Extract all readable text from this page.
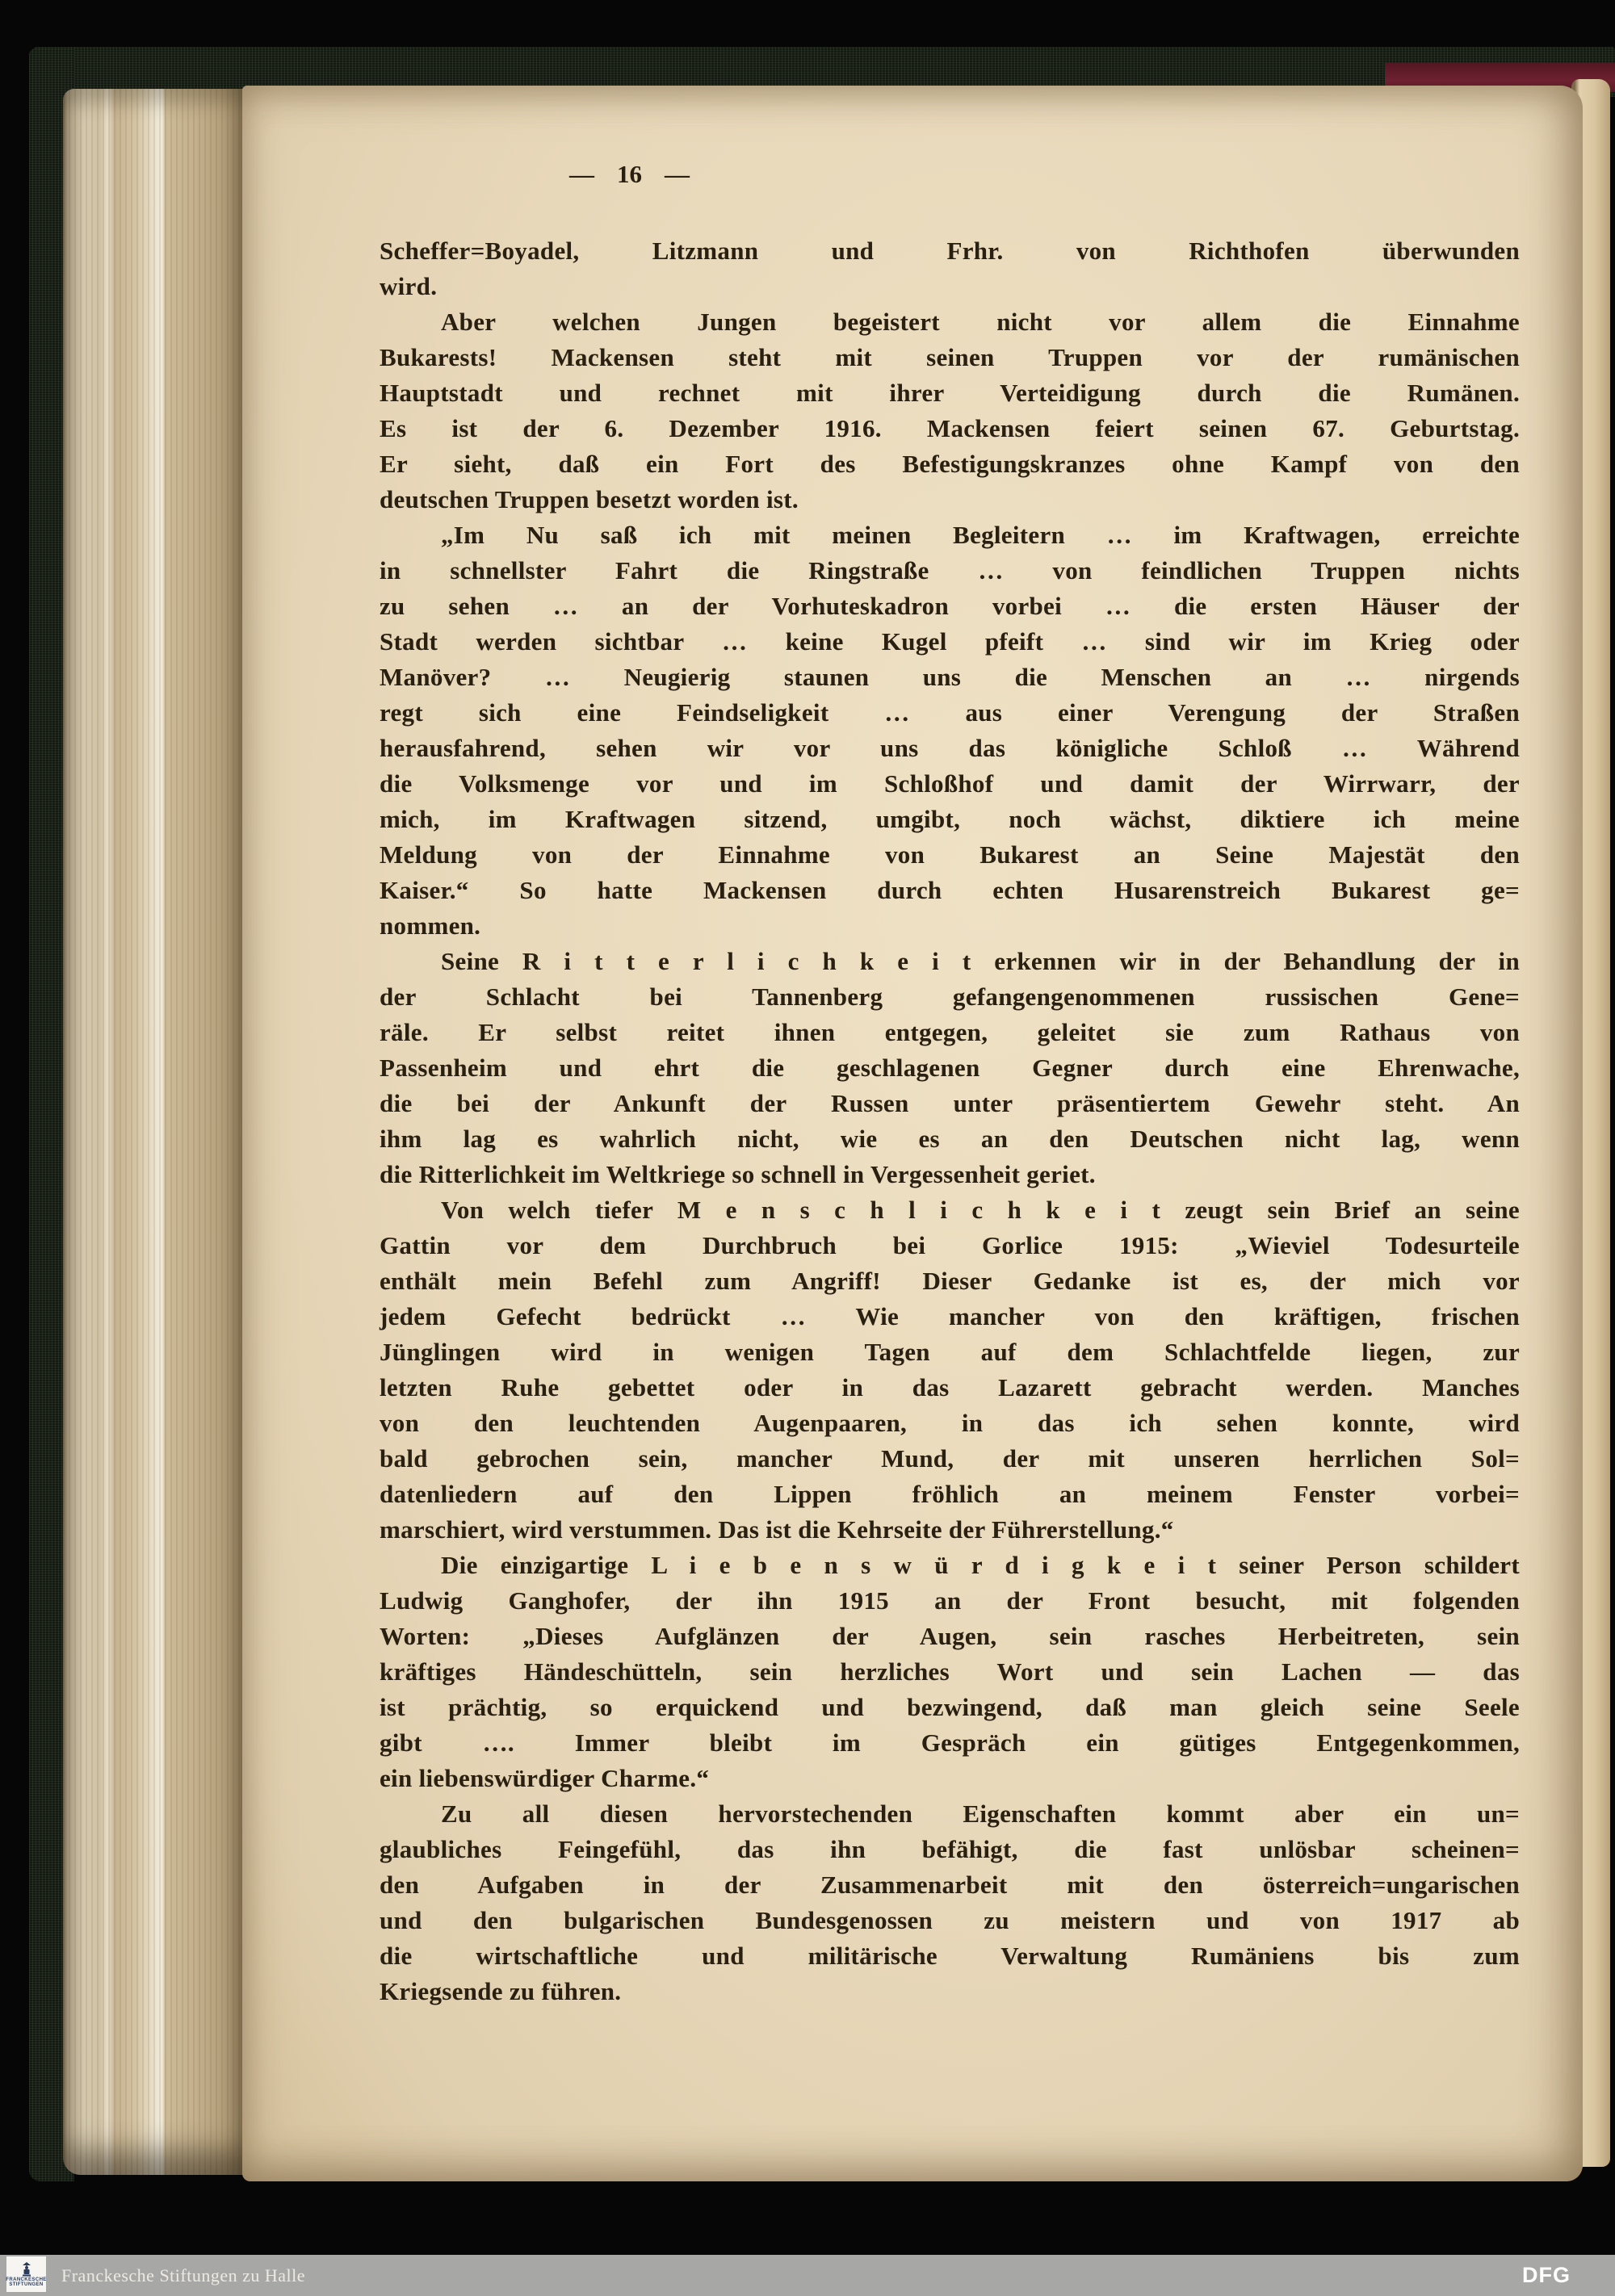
— 16 —
Scheffer=Boyadel, Litzmann und Frhr. von Richthofen überwunden
wird.
Aber welchen Jungen begeistert nicht vor allem die Einnahme
Bukarests! Mackensen steht mit seinen Truppen vor der rumänischen
Hauptstadt und rechnet mit ihrer Verteidigung durch die Rumänen.
Es ist der 6. Dezember 1916. Mackensen feiert seinen 67. Geburtstag.
Er sieht, daß ein Fort des Befestigungskranzes ohne Kampf von den
deutschen Truppen besetzt worden ist.
„Im Nu saß ich mit meinen Begleitern … im Kraftwagen, erreichte
in schnellster Fahrt die Ringstraße … von feindlichen Truppen nichts
zu sehen … an der Vorhuteskadron vorbei … die ersten Häuser der
Stadt werden sichtbar … keine Kugel pfeift … sind wir im Krieg oder
Manöver? … Neugierig staunen uns die Menschen an … nirgends
regt sich eine Feindseligkeit … aus einer Verengung der Straßen
herausfahrend, sehen wir vor uns das königliche Schloß … Während
die Volksmenge vor und im Schloßhof und damit der Wirrwarr, der
mich, im Kraftwagen sitzend, umgibt, noch wächst, diktiere ich meine
Meldung von der Einnahme von Bukarest an Seine Majestät den
Kaiser.“ So hatte Mackensen durch echten Husarenstreich Bukarest ge=
nommen.
Seine R i t t e r l i c h k e i t erkennen wir in der Behandlung der in
der Schlacht bei Tannenberg gefangengenommenen russischen Gene=
räle. Er selbst reitet ihnen entgegen, geleitet sie zum Rathaus von
Passenheim und ehrt die geschlagenen Gegner durch eine Ehrenwache,
die bei der Ankunft der Russen unter präsentiertem Gewehr steht. An
ihm lag es wahrlich nicht, wie es an den Deutschen nicht lag, wenn
die Ritterlichkeit im Weltkriege so schnell in Vergessenheit geriet.
Von welch tiefer M e n s c h l i c h k e i t zeugt sein Brief an seine
Gattin vor dem Durchbruch bei Gorlice 1915: „Wieviel Todesurteile
enthält mein Befehl zum Angriff! Dieser Gedanke ist es, der mich vor
jedem Gefecht bedrückt … Wie mancher von den kräftigen, frischen
Jünglingen wird in wenigen Tagen auf dem Schlachtfelde liegen, zur
letzten Ruhe gebettet oder in das Lazarett gebracht werden. Manches
von den leuchtenden Augenpaaren, in das ich sehen konnte, wird
bald gebrochen sein, mancher Mund, der mit unseren herrlichen Sol=
datenliedern auf den Lippen fröhlich an meinem Fenster vorbei=
marschiert, wird verstummen. Das ist die Kehrseite der Führerstellung.“
Die einzigartige L i e b e n s w ü r d i g k e i t seiner Person schildert
Ludwig Ganghofer, der ihn 1915 an der Front besucht, mit folgenden
Worten: „Dieses Aufglänzen der Augen, sein rasches Herbeitreten, sein
kräftiges Händeschütteln, sein herzliches Wort und sein Lachen — das
ist prächtig, so erquickend und bezwingend, daß man gleich seine Seele
gibt …. Immer bleibt im Gespräch ein gütiges Entgegenkommen,
ein liebenswürdiger Charme.“
Zu all diesen hervorstechenden Eigenschaften kommt aber ein un=
glaubliches Feingefühl, das ihn befähigt, die fast unlösbar scheinen=
den Aufgaben in der Zusammenarbeit mit den österreich=ungarischen
und den bulgarischen Bundesgenossen zu meistern und von 1917 ab
die wirtschaftliche und militärische Verwaltung Rumäniens bis zum
Kriegsende zu führen.
FRANCKESCHE
STIFTUNGEN Franckesche Stiftungen zu Halle	DFG
